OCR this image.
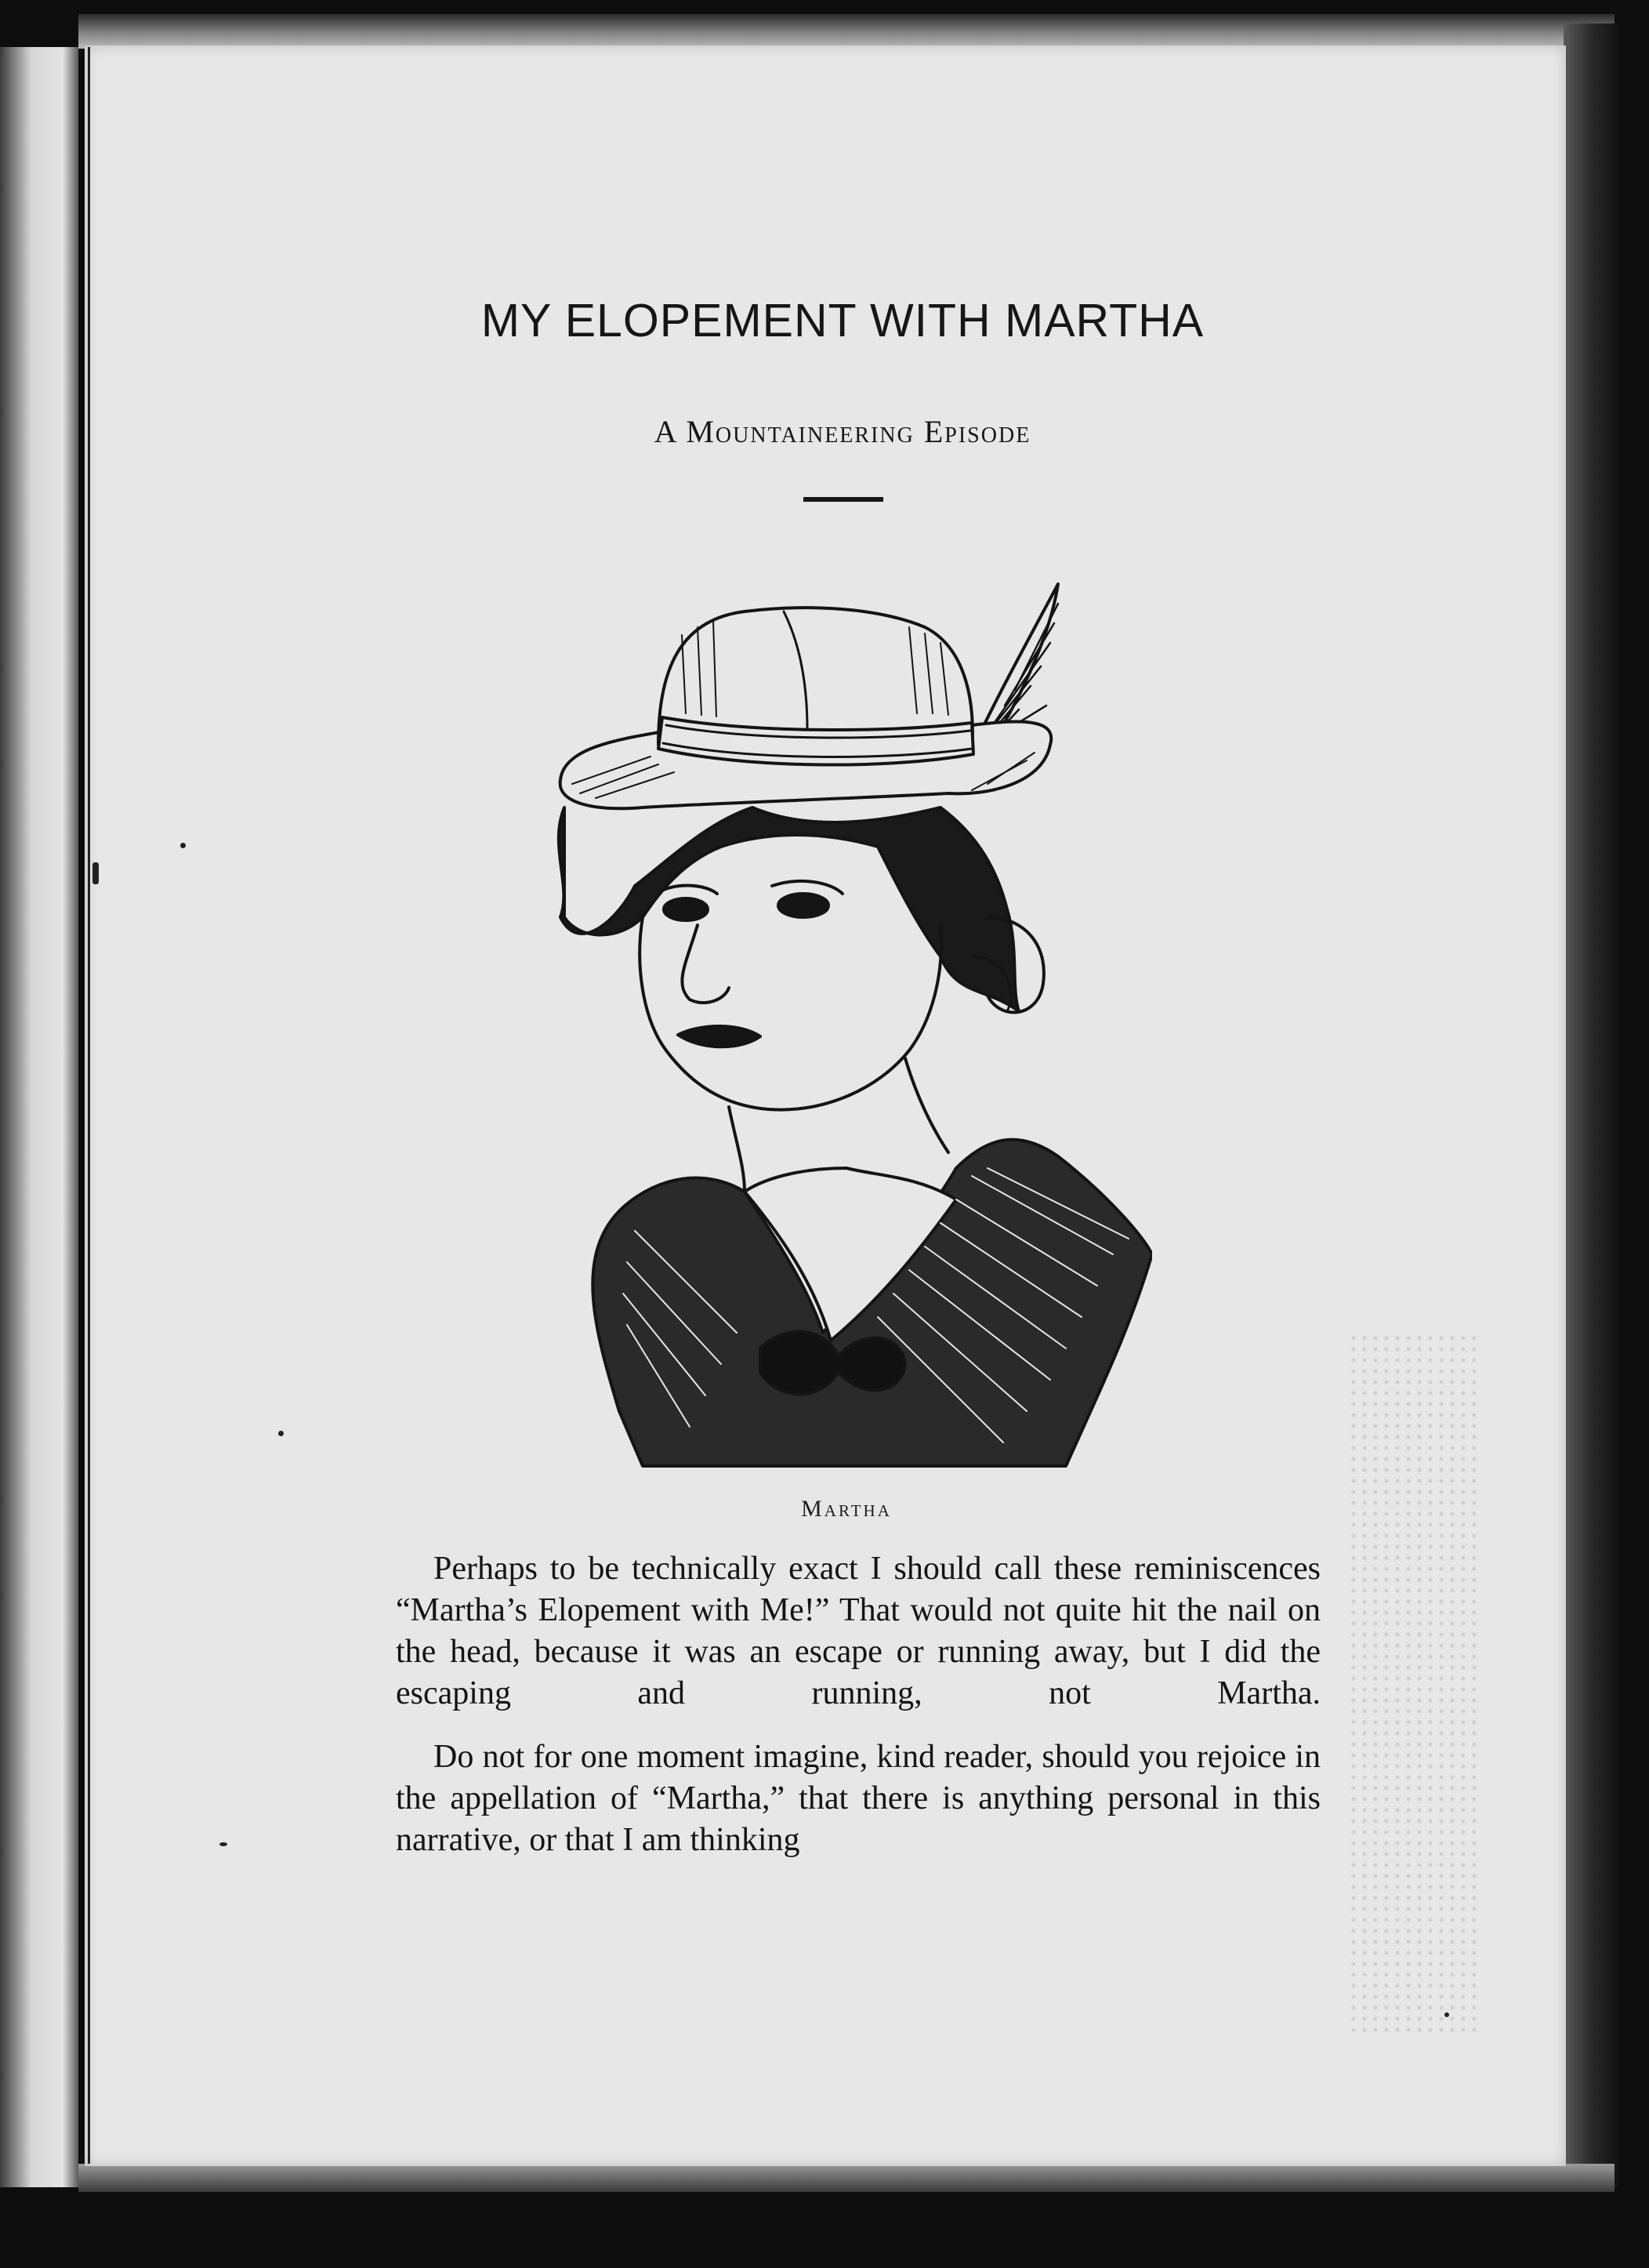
MY ELOPEMENT WITH MARTHA
A Mountaineering Episode
Martha

Perhaps to be technically exact I should call these reminiscences “Martha’s Elopement with Me!” That would not quite hit the nail on the head, because it was an escape or running away, but I did the escaping and running, not Martha.

Do not for one moment imagine, kind reader, should you rejoice in the appellation of “Martha,” that there is anything personal in this narrative, or that I am thinking
